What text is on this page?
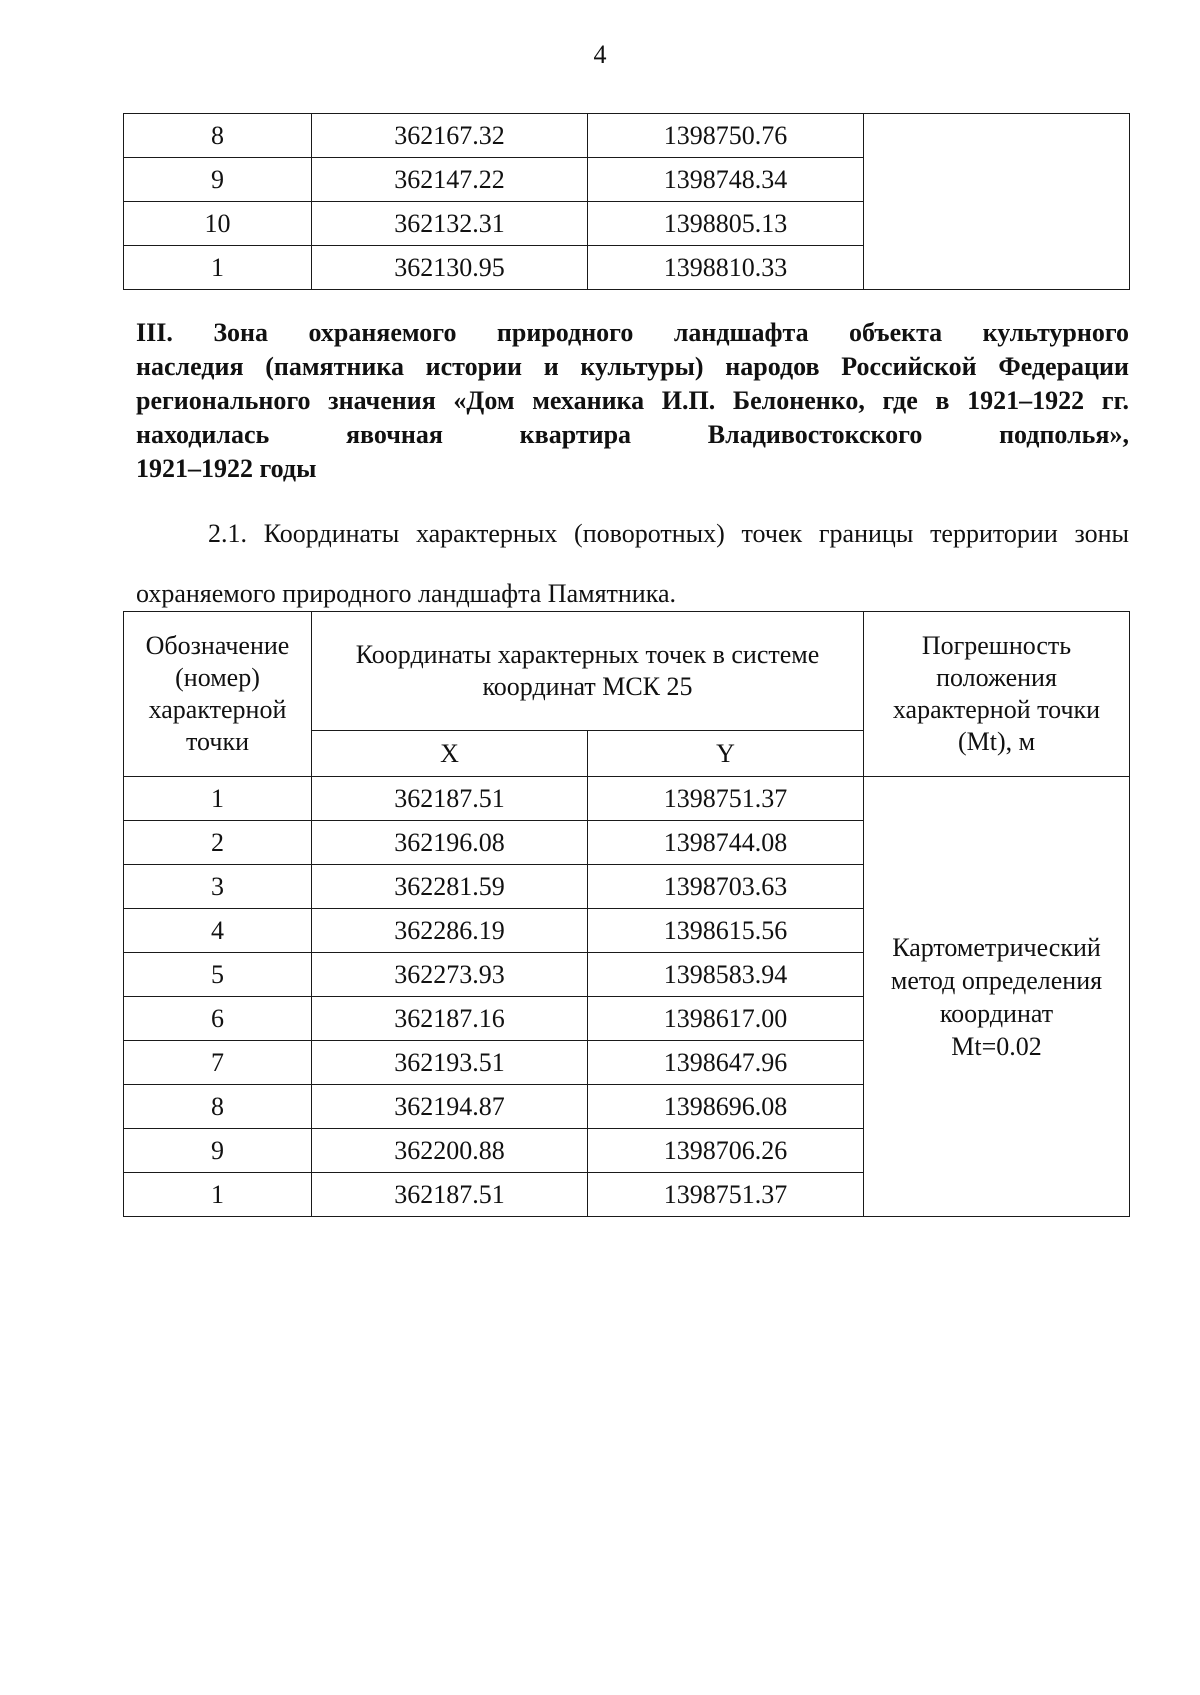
4
8	362167.32	1398750.76	
9	362147.22	1398748.34	
10	362132.31	1398805.13	
1	362130.95	1398810.33	
III. Зона охраняемого природного ландшафта объекта культурного
наследия (памятника истории и культуры) народов Российской Федерации
регионального значения «Дом механика И.П. Белоненко, где в 1921–1922 гг.
находилась явочная квартира Владивостокского подполья»,
1921–1922 годы
2.1. Координаты характерных (поворотных) точек границы территории зоны охраняемого природного ландшафта Памятника.
Обозначение (номер) характерной точки	Координаты характерных точек в системе координат МСК 25		Погрешность положения характерной точки (Mt), м
	X	Y	
1	362187.51	1398751.37	Картометрический
метод определения
координат
Mt=0.02

2	362196.08	1398744.08	
3	362281.59	1398703.63	
4	362286.19	1398615.56	
5	362273.93	1398583.94	
6	362187.16	1398617.00	
7	362193.51	1398647.96	
8	362194.87	1398696.08	
9	362200.88	1398706.26	
1	362187.51	1398751.37	
